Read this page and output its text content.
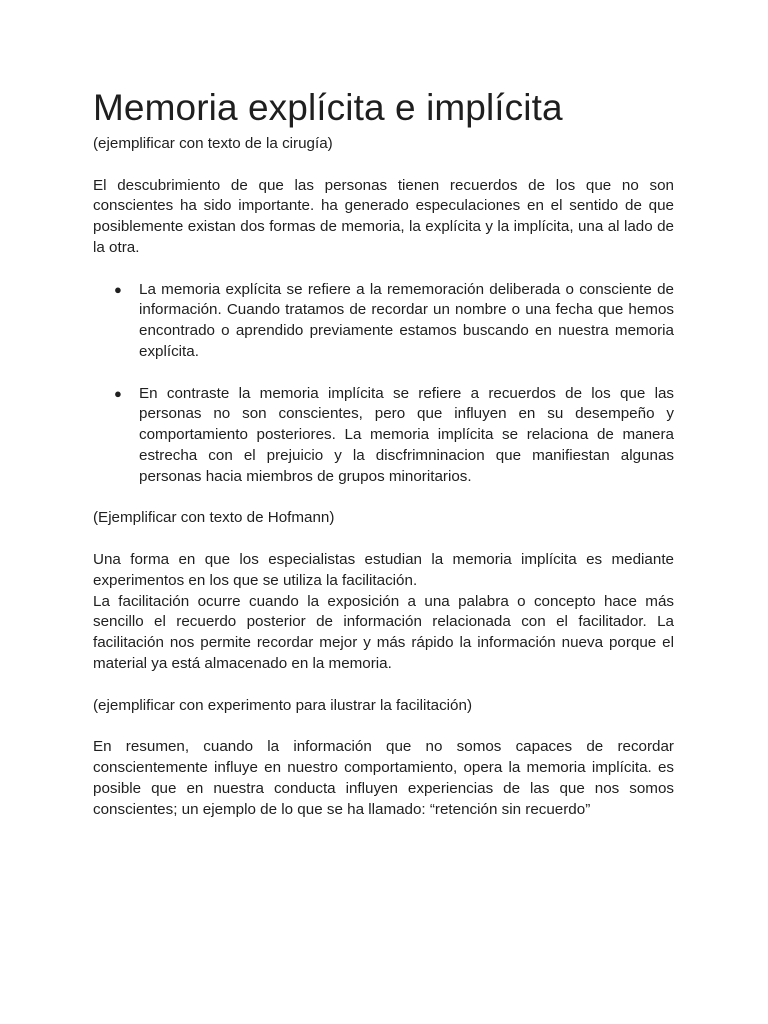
Memoria explícita e implícita

(ejemplificar con texto de la cirugía)

El descubrimiento de que las personas tienen recuerdos de los que no son conscientes ha sido importante. ha generado especulaciones en el sentido de que posiblemente existan dos formas de memoria, la explícita y la implícita, una al lado de la otra.

● La memoria explícita se refiere a la rememoración deliberada o consciente de información. Cuando tratamos de recordar un nombre o una fecha que hemos encontrado o aprendido previamente estamos buscando en nuestra memoria explícita.
● En contraste la memoria implícita se refiere a recuerdos de los que las personas no son conscientes, pero que influyen en su desempeño y comportamiento posteriores. La memoria implícita se relaciona de manera estrecha con el prejuicio y la discfrimninacion que manifiestan algunas personas hacia miembros de grupos minoritarios.

(Ejemplificar con texto de Hofmann)

Una forma en que los especialistas estudian la memoria implícita es mediante experimentos en los que se utiliza la facilitación.

La facilitación ocurre cuando la exposición a una palabra o concepto hace más sencillo el recuerdo posterior de información relacionada con el facilitador. La facilitación nos permite recordar mejor y más rápido la información nueva porque el material ya está almacenado en la memoria.

(ejemplificar con experimento para ilustrar la facilitación)

En resumen, cuando la información que no somos capaces de recordar conscientemente influye en nuestro comportamiento, opera la memoria implícita. es posible que en nuestra conducta influyen experiencias de las que nos somos conscientes; un ejemplo de lo que se ha llamado: “retención sin recuerdo”
